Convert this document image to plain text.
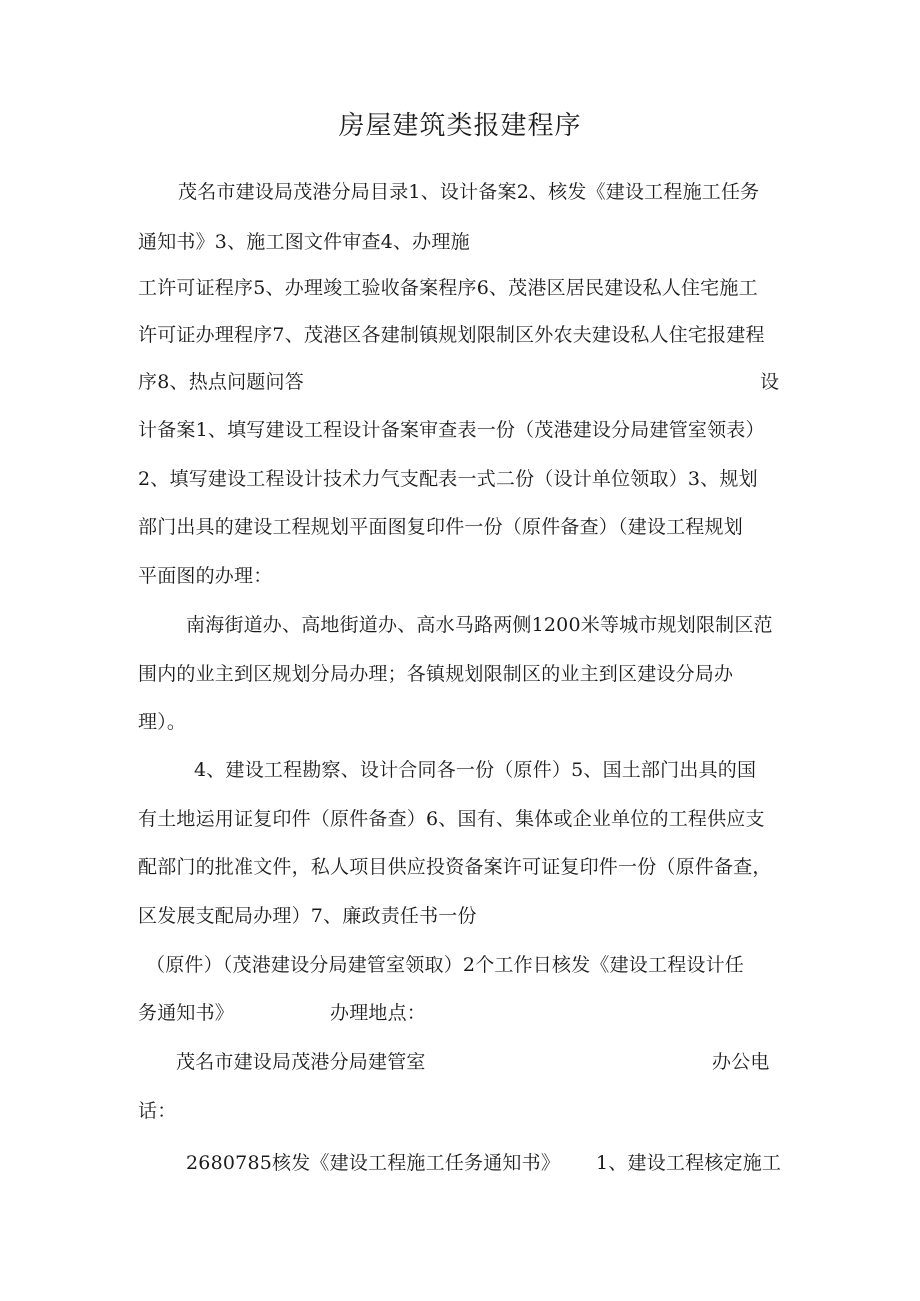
房屋建筑类报建程序
茂名市建设局茂港分局目录1、设计备案2、核发《建设工程施工任务
通知书》3、施工图文件审查4、办理施
工许可证程序5、办理竣工验收备案程序6、茂港区居民建设私人住宅施工
许可证办理程序7、茂港区各建制镇规划限制区外农夫建设私人住宅报建程
序8、热点问题问答	设
计备案1、填写建设工程设计备案审查表一份（茂港建设分局建管室领表）
2、填写建设工程设计技术力气支配表一式二份（设计单位领取）3、规划
部门出具的建设工程规划平面图复印件一份（原件备查）（建设工程规划
平面图的办理：
南海街道办、高地街道办、高水马路两侧1200米等城市规划限制区范
围内的业主到区规划分局办理；各镇规划限制区的业主到区建设分局办
理）。
4、建设工程勘察、设计合同各一份（原件）5、国土部门出具的国
有土地运用证复印件（原件备查）6、国有、集体或企业单位的工程供应支
配部门的批准文件，私人项目供应投资备案许可证复印件一份（原件备查，
区发展支配局办理）7、廉政责任书一份
（原件）（茂港建设分局建管室领取）2个工作日核发《建设工程设计任
务通知书》	办理地点：
茂名市建设局茂港分局建管室	办公电
话：
2680785核发《建设工程施工任务通知书》 1、建设工程核定施工
